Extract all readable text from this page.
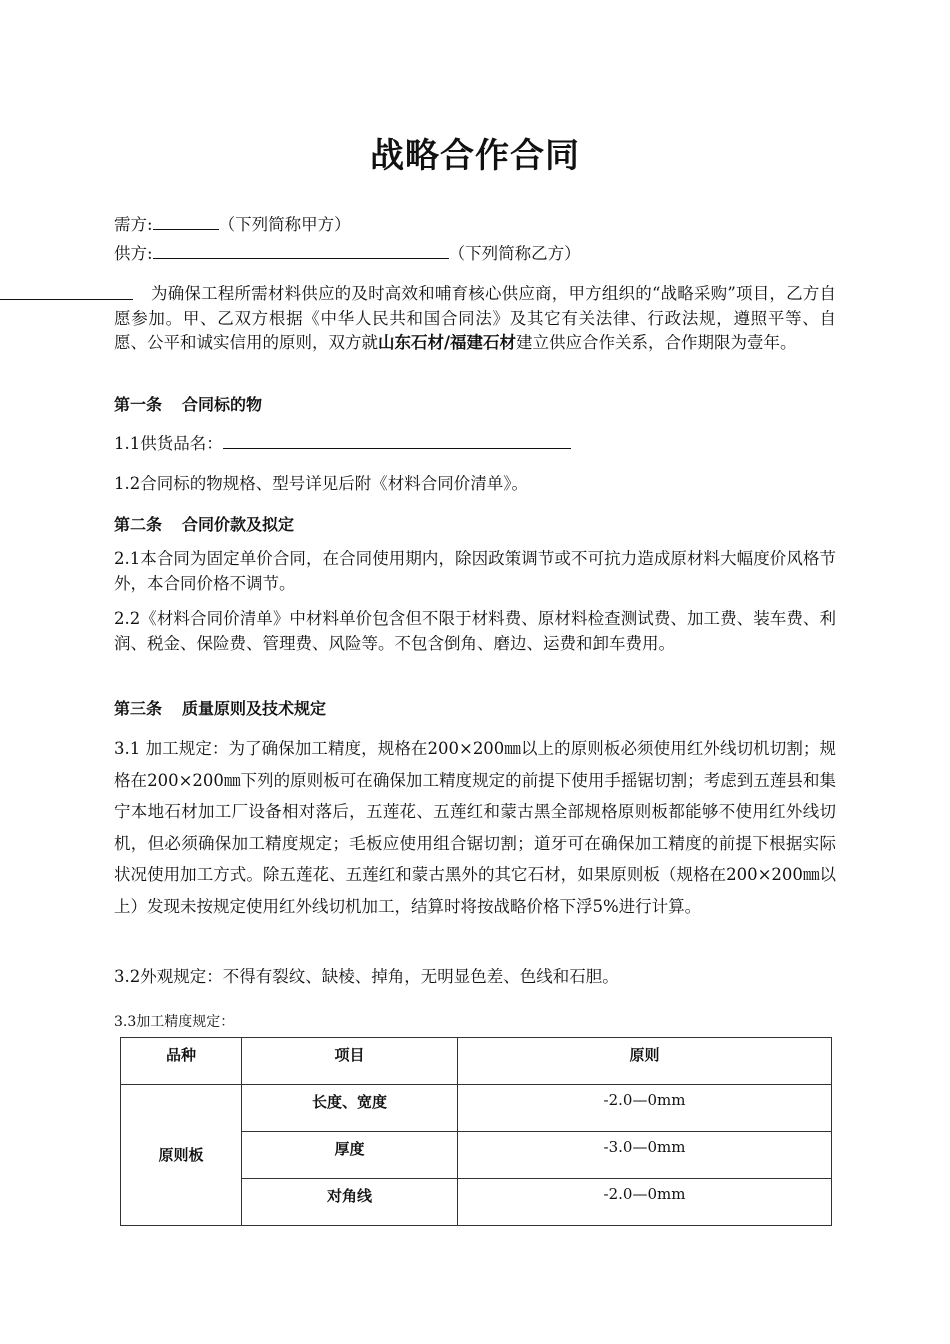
战略合作合同
需方:	（下列简称甲方）
供方:	（下列简称乙方）
为确保工程所需材料供应的及时高效和哺育核心供应商，甲方组织的“战略采购”项目，乙方自愿参加。甲、乙双方根据《中华人民共和国合同法》及其它有关法律、行政法规，遵照平等、自愿、公平和诚实信用的原则，双方就山东石材/福建石材建立供应合作关系，合作期限为壹年。
第一条 合同标的物
1.1供货品名：
1.2合同标的物规格、型号详见后附《材料合同价清单》。
第二条 合同价款及拟定
2.1本合同为固定单价合同，在合同使用期内，除因政策调节或不可抗力造成原材料大幅度价风格节外，本合同价格不调节。
2.2《材料合同价清单》中材料单价包含但不限于材料费、原材料检查测试费、加工费、装车费、利润、税金、保险费、管理费、风险等。不包含倒角、磨边、运费和卸车费用。
第三条 质量原则及技术规定
3.1 加工规定：为了确保加工精度，规格在200×200㎜以上的原则板必须使用红外线切机切割；规格在200×200㎜下列的原则板可在确保加工精度规定的前提下使用手摇锯切割；考虑到五莲县和集宁本地石材加工厂设备相对落后，五莲花、五莲红和蒙古黑全部规格原则板都能够不使用红外线切机，但必须确保加工精度规定；毛板应使用组合锯切割；道牙可在确保加工精度的前提下根据实际状况使用加工方式。除五莲花、五莲红和蒙古黑外的其它石材，如果原则板（规格在200×200㎜以上）发现未按规定使用红外线切机加工，结算时将按战略价格下浮5%进行计算。
3.2外观规定：不得有裂纹、缺棱、掉角，无明显色差、色线和石胆。
3.3加工精度规定：
品种	项目	原则
原则板	长度、宽度	-2.0—0mm
	厚度	-3.0—0mm
	对角线	-2.0—0mm
